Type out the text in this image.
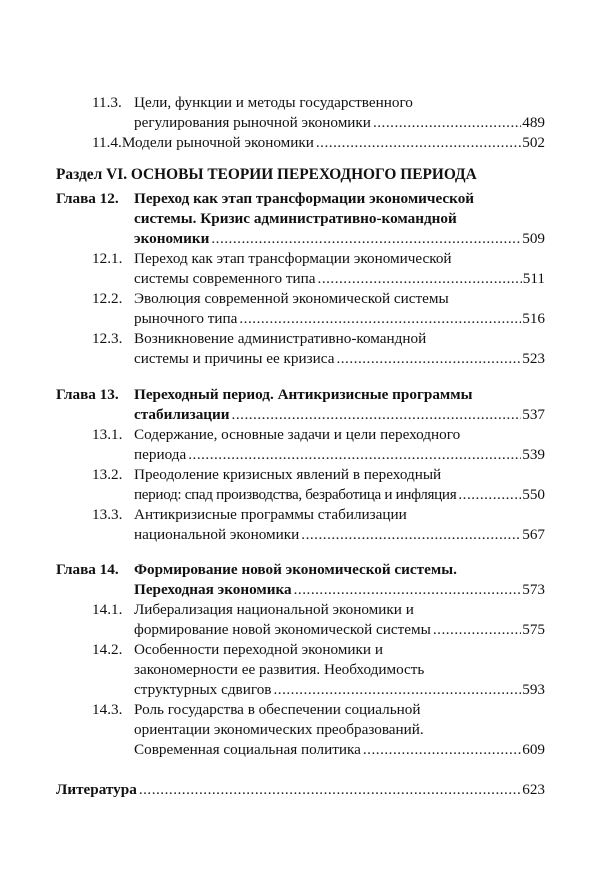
11.3. Цели, функции и методы государственного
регулирования рыночной экономики .....	489
11.4. Модели рыночной экономики .....	502
Раздел VI. ОСНОВЫ ТЕОРИИ ПЕРЕХОДНОГО ПЕРИОДА
Глава 12.	Переход как этап трансформации экономической
системы. Кризис административно-командной
экономики .....	509
12.1. Переход как этап трансформации экономической
системы современного типа .....	511
12.2. Эволюция современной экономической системы
рыночного типа .....	516
12.3. Возникновение административно-командной
системы и причины ее кризиса .....	523
Глава 13.	Переходный период. Антикризисные программы
стабилизации .....	537
13.1. Содержание, основные задачи и цели переходного
периода .....	539
13.2. Преодоление кризисных явлений в переходный
период: спад производства, безработица и инфляция .....	550
13.3. Антикризисные программы стабилизации
национальной экономики .....	567
Глава 14.	Формирование новой экономической системы.
Переходная экономика .....	573
14.1. Либерализация национальной экономики и
формирование новой экономической системы .....	575
14.2. Особенности переходной экономики и
закономерности ее развития. Необходимость
структурных сдвигов .....	593
14.3. Роль государства в обеспечении социальной
ориентации экономических преобразований.
Современная социальная политика .....	609
Литература .....	623
